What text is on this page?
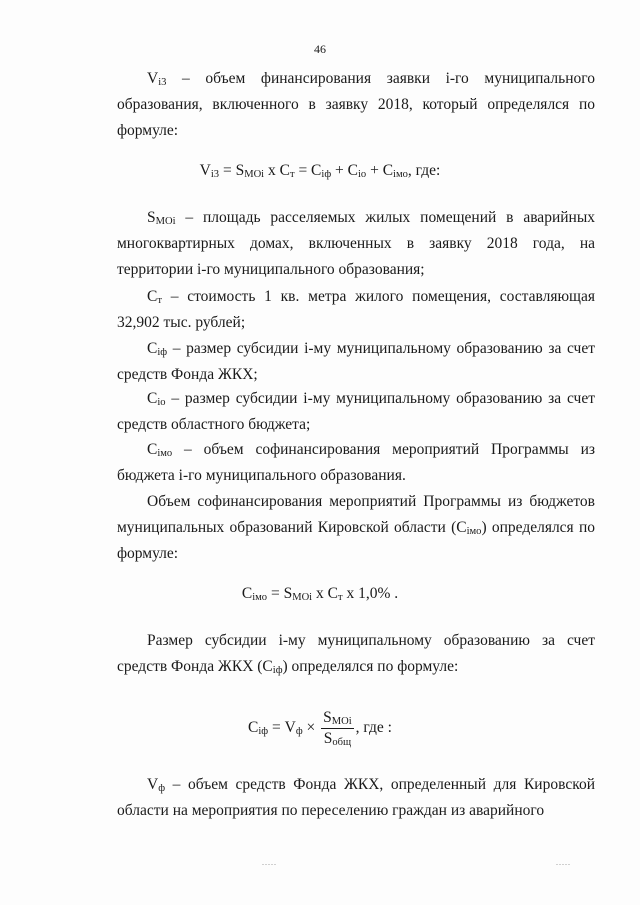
46

$V_{i3}$ – объем финансирования заявки i-го муниципального образования, включенного в заявку 2018, который определялся по формуле:

$V_{i3} = S_{MOi}$ х $C_т = C_{iф} + C_{io} + C_{iмо}$, где:

$S_{MOi}$ – площадь расселяемых жилых помещений в аварийных многоквартирных домах, включенных в заявку 2018 года, на территории i-го муниципального образования;

$C_т$ – стоимость 1 кв. метра жилого помещения, составляющая 32,902 тыс. рублей;

$C_{iф}$ – размер субсидии i-му муниципальному образованию за счет средств Фонда ЖКХ;

$C_{io}$ – размер субсидии i-му муниципальному образованию за счет средств областного бюджета;

$C_{iмо}$ – объем софинансирования мероприятий Программы из бюджета i-го муниципального образования.

Объем софинансирования мероприятий Программы из бюджетов муниципальных образований Кировской области $(C_{iмо})$ определялся по формуле:

$C_{iмо} = S_{MOi}$ х $C_т$ х 1,0% .

Размер субсидии i-му муниципальному образованию за счет средств Фонда ЖКХ $(C_{iф})$ определялся по формуле:

$C_{iф} = V_ф \times \frac{S_{MOi}}{S_{общ}}$ , где :

$V_ф$ – объем средств Фонда ЖКХ, определенный для Кировской области на мероприятия по переселению граждан из аварийного

.....	.....
